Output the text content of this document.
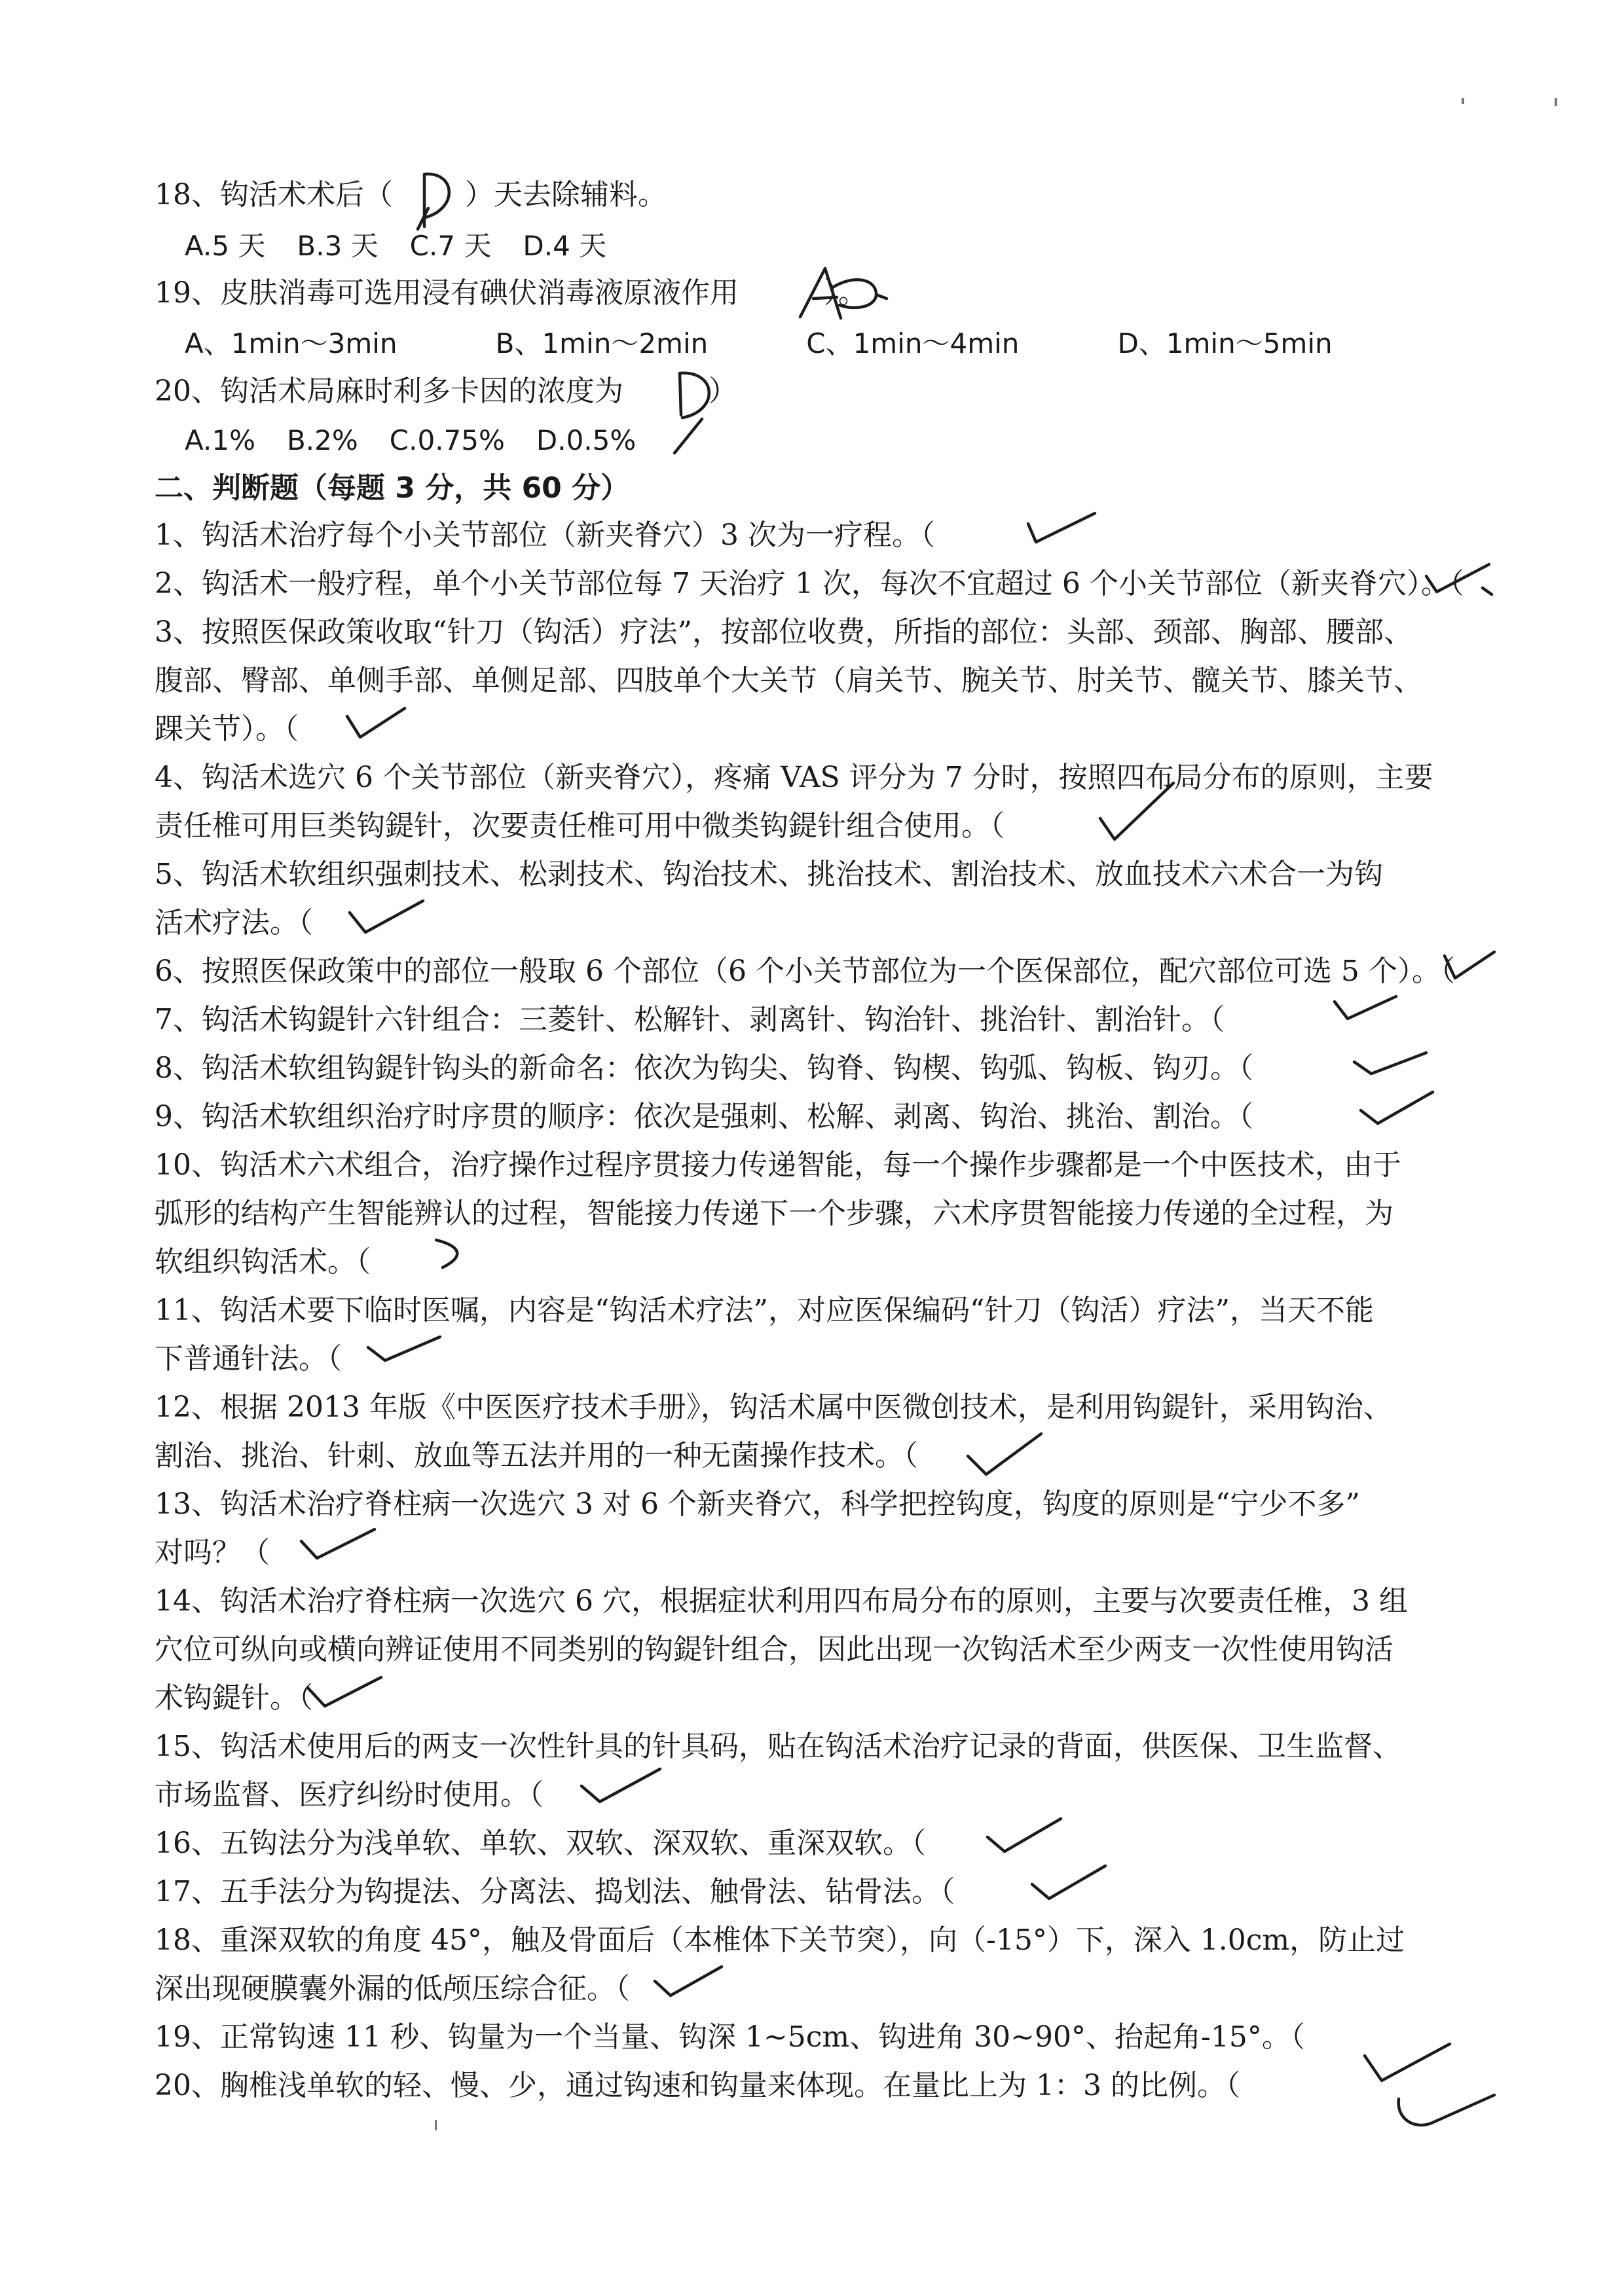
18、钩活术术后（	）天去除辅料。
A.5 天 B.3 天 C.7 天 D.4 天
19、皮肤消毒可选用浸有碘伏消毒液原液作用	）。
A、1min～3min	B、1min～2min	C、1min～4min	D、1min～5min
20、钩活术局麻时利多卡因的浓度为	）
A.1% B.2% C.0.75% D.0.5%
二、判断题（每题 3 分，共 60 分）
1、钩活术治疗每个小关节部位（新夹脊穴）3 次为一疗程。（
2、钩活术一般疗程，单个小关节部位每 7 天治疗 1 次，每次不宜超过 6 个小关节部位（新夹脊穴）。（
3、按照医保政策收取“针刀（钩活）疗法”，按部位收费，所指的部位：头部、颈部、胸部、腰部、
腹部、臀部、单侧手部、单侧足部、四肢单个大关节（肩关节、腕关节、肘关节、髋关节、膝关节、
踝关节）。（
4、钩活术选穴 6 个关节部位（新夹脊穴），疼痛 VAS 评分为 7 分时，按照四布局分布的原则，主要
责任椎可用巨类钩鍉针，次要责任椎可用中微类钩鍉针组合使用。（
5、钩活术软组织强刺技术、松剥技术、钩治技术、挑治技术、割治技术、放血技术六术合一为钩
活术疗法。（
6、按照医保政策中的部位一般取 6 个部位（6 个小关节部位为一个医保部位，配穴部位可选 5 个）。（
7、钩活术钩鍉针六针组合：三菱针、松解针、剥离针、钩治针、挑治针、割治针。（
8、钩活术软组钩鍉针钩头的新命名：依次为钩尖、钩脊、钩楔、钩弧、钩板、钩刃。（
9、钩活术软组织治疗时序贯的顺序：依次是强刺、松解、剥离、钩治、挑治、割治。（
10、钩活术六术组合，治疗操作过程序贯接力传递智能，每一个操作步骤都是一个中医技术，由于
弧形的结构产生智能辨认的过程，智能接力传递下一个步骤，六术序贯智能接力传递的全过程，为
软组织钩活术。（
11、钩活术要下临时医嘱，内容是“钩活术疗法”，对应医保编码“针刀（钩活）疗法”，当天不能
下普通针法。（
12、根据 2013 年版《中医医疗技术手册》，钩活术属中医微创技术，是利用钩鍉针，采用钩治、
割治、挑治、针刺、放血等五法并用的一种无菌操作技术。（
13、钩活术治疗脊柱病一次选穴 3 对 6 个新夹脊穴，科学把控钩度，钩度的原则是“宁少不多”
对吗？（
14、钩活术治疗脊柱病一次选穴 6 穴，根据症状利用四布局分布的原则，主要与次要责任椎，3 组
穴位可纵向或横向辨证使用不同类别的钩鍉针组合，因此出现一次钩活术至少两支一次性使用钩活
术钩鍉针。（
15、钩活术使用后的两支一次性针具的针具码，贴在钩活术治疗记录的背面，供医保、卫生监督、
市场监督、医疗纠纷时使用。（
16、五钩法分为浅单软、单软、双软、深双软、重深双软。（
17、五手法分为钩提法、分离法、捣划法、触骨法、钻骨法。（
18、重深双软的角度 45°，触及骨面后（本椎体下关节突），向（-15°）下，深入 1.0cm，防止过
深出现硬膜囊外漏的低颅压综合征。（
19、正常钩速 11 秒、钩量为一个当量、钩深 1~5cm、钩进角 30~90°、抬起角-15°。（
20、胸椎浅单软的轻、慢、少，通过钩速和钩量来体现。在量比上为 1：3 的比例。（
